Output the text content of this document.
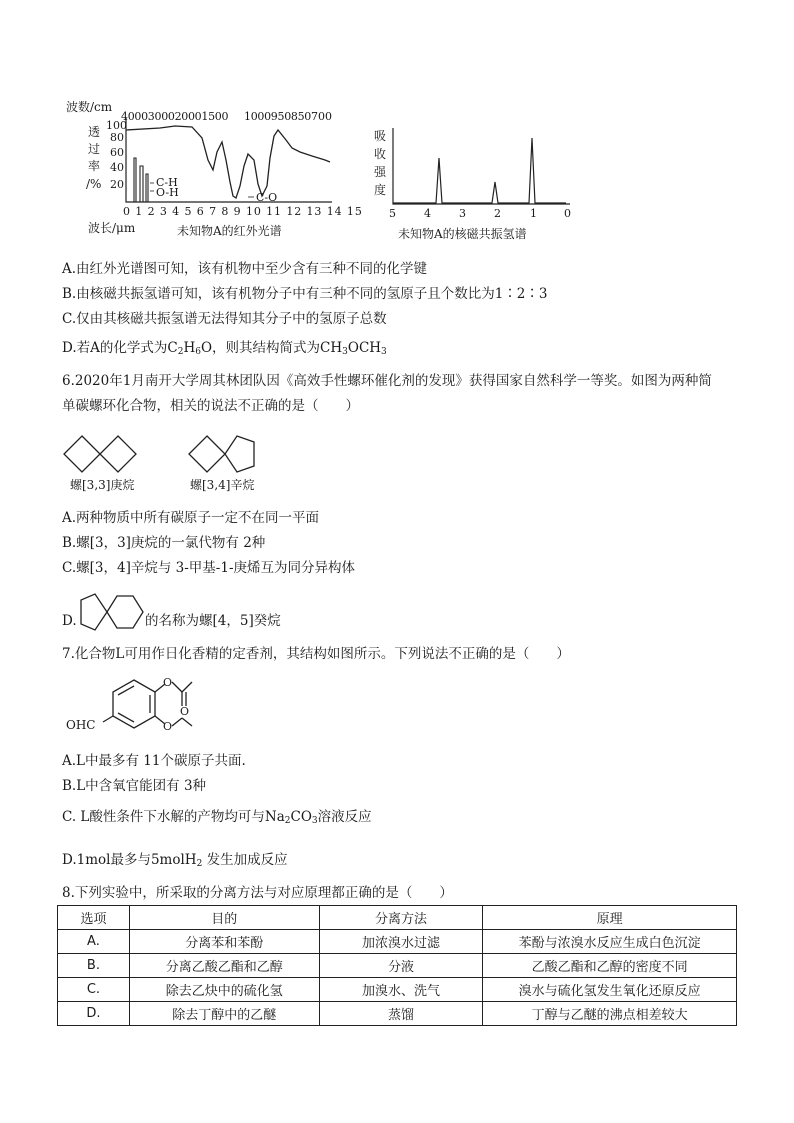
波数/cm
4000300020001500 1000950850 700
透
过
率
/%
100
80
60
40
20	C-H
O-H	C-O
0 1 2 3 4 5 6 7 8 9 10 11 12 13 14 15
波长/μm	未知物A的红外光谱
吸
收
强
度
5	4	3	2	1 0
未知物A的核磁共振氢谱
A.由红外光谱图可知，该有机物中至少含有三种不同的化学键
B.由核磁共振氢谱可知，该有机物分子中有三种不同的氢原子且个数比为1∶2∶3
C.仅由其核磁共振氢谱无法得知其分子中的氢原子总数
D.若A的化学式为$C_2H_6O$，则其结构简式为$CH_3OCH_3$
6.2020年1月南开大学周其林团队因《高效手性螺环催化剂的发现》获得国家自然科学一等奖。如图为两种简
单碳螺环化合物，相关的说法不正确的是（　　）
螺[3,3]庚烷	螺[3,4]辛烷
A.两种物质中所有碳原子一定不在同一平面
B.螺[3，3]庚烷的一氯代物有 2种
C.螺[3，4]辛烷与 3-甲基-1-庚烯互为同分异构体
D.	的名称为螺[4，5]癸烷
7.化合物L可用作日化香精的定香剂，其结构如图所示。下列说法不正确的是（　　）
O
O
O
OHC
A.L中最多有 11个碳原子共面.
B.L中含氧官能团有 3种
C. L酸性条件下水解的产物均可与$Na_2CO_3$溶液反应
D.1mol最多与5molH$_2$ 发生加成反应
8.下列实验中，所采取的分离方法与对应原理都正确的是（　　）
选项	目的	分离方法	原理
A.	分离苯和苯酚	加浓溴水过滤	苯酚与浓溴水反应生成白色沉淀
B.	分离乙酸乙酯和乙醇	分液	乙酸乙酯和乙醇的密度不同
C.	除去乙炔中的硫化氢	加溴水、洗气	溴水与硫化氢发生氧化还原反应
D.	除去丁醇中的乙醚	蒸馏	丁醇与乙醚的沸点相差较大
